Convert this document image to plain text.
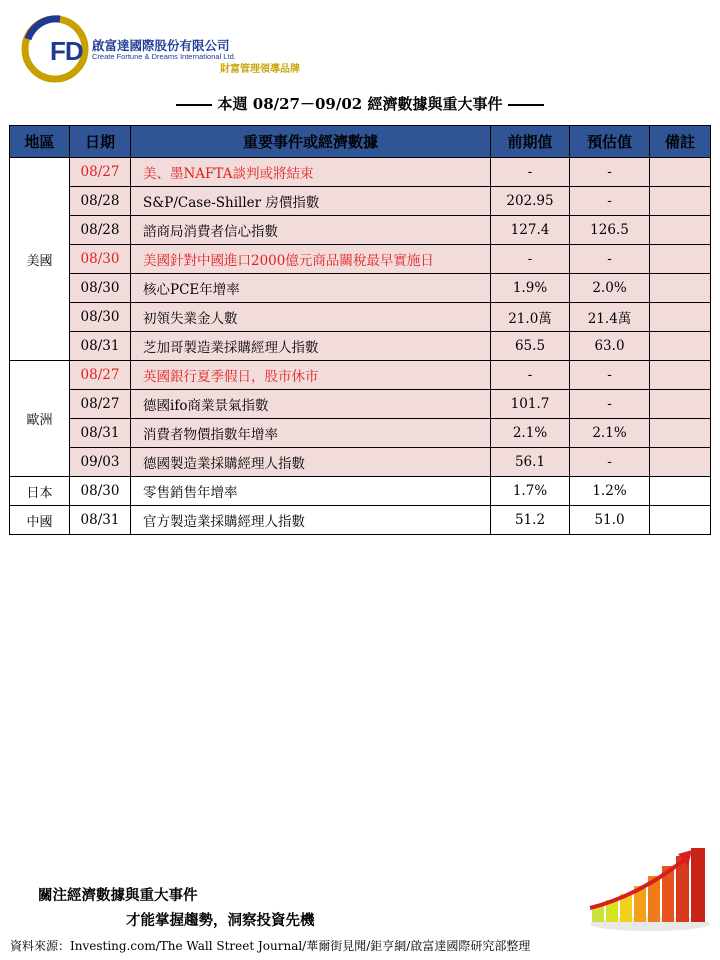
FD 啟富達國際股份有限公司
Create Fortune & Dreams International Ltd.
財富管理領導品牌
本週 08/27－09/02 經濟數據與重大事件
地區	日期	重要事件或經濟數據	前期值	預估值	備註
美國	08/27	美、墨NAFTA談判或將結束	-	-	
	08/28	S&P/Case-Shiller 房價指數	202.95	-	
	08/28	諮商局消費者信心指數	127.4	126.5	
	08/30	美國針對中國進口2000億元商品關稅最早實施日	-	-	
	08/30	核心PCE年增率	1.9%	2.0%	
	08/30	初領失業金人數	21.0萬	21.4萬	
	08/31	芝加哥製造業採購經理人指數	65.5	63.0	
歐洲	08/27	英國銀行夏季假日，股市休市	-	-	
	08/27	德國ifo商業景氣指數	101.7	-	
	08/31	消費者物價指數年增率	2.1%	2.1%	
	09/03	德國製造業採購經理人指數	56.1	-	
日本	08/30	零售銷售年增率	1.7%	1.2%	
中國	08/31	官方製造業採購經理人指數	51.2	51.0	
關注經濟數據與重大事件
才能掌握趨勢，洞察投資先機
資料來源：Investing.com/The Wall Street Journal/華爾街見聞/鉅亨網/啟富達國際研究部整理
